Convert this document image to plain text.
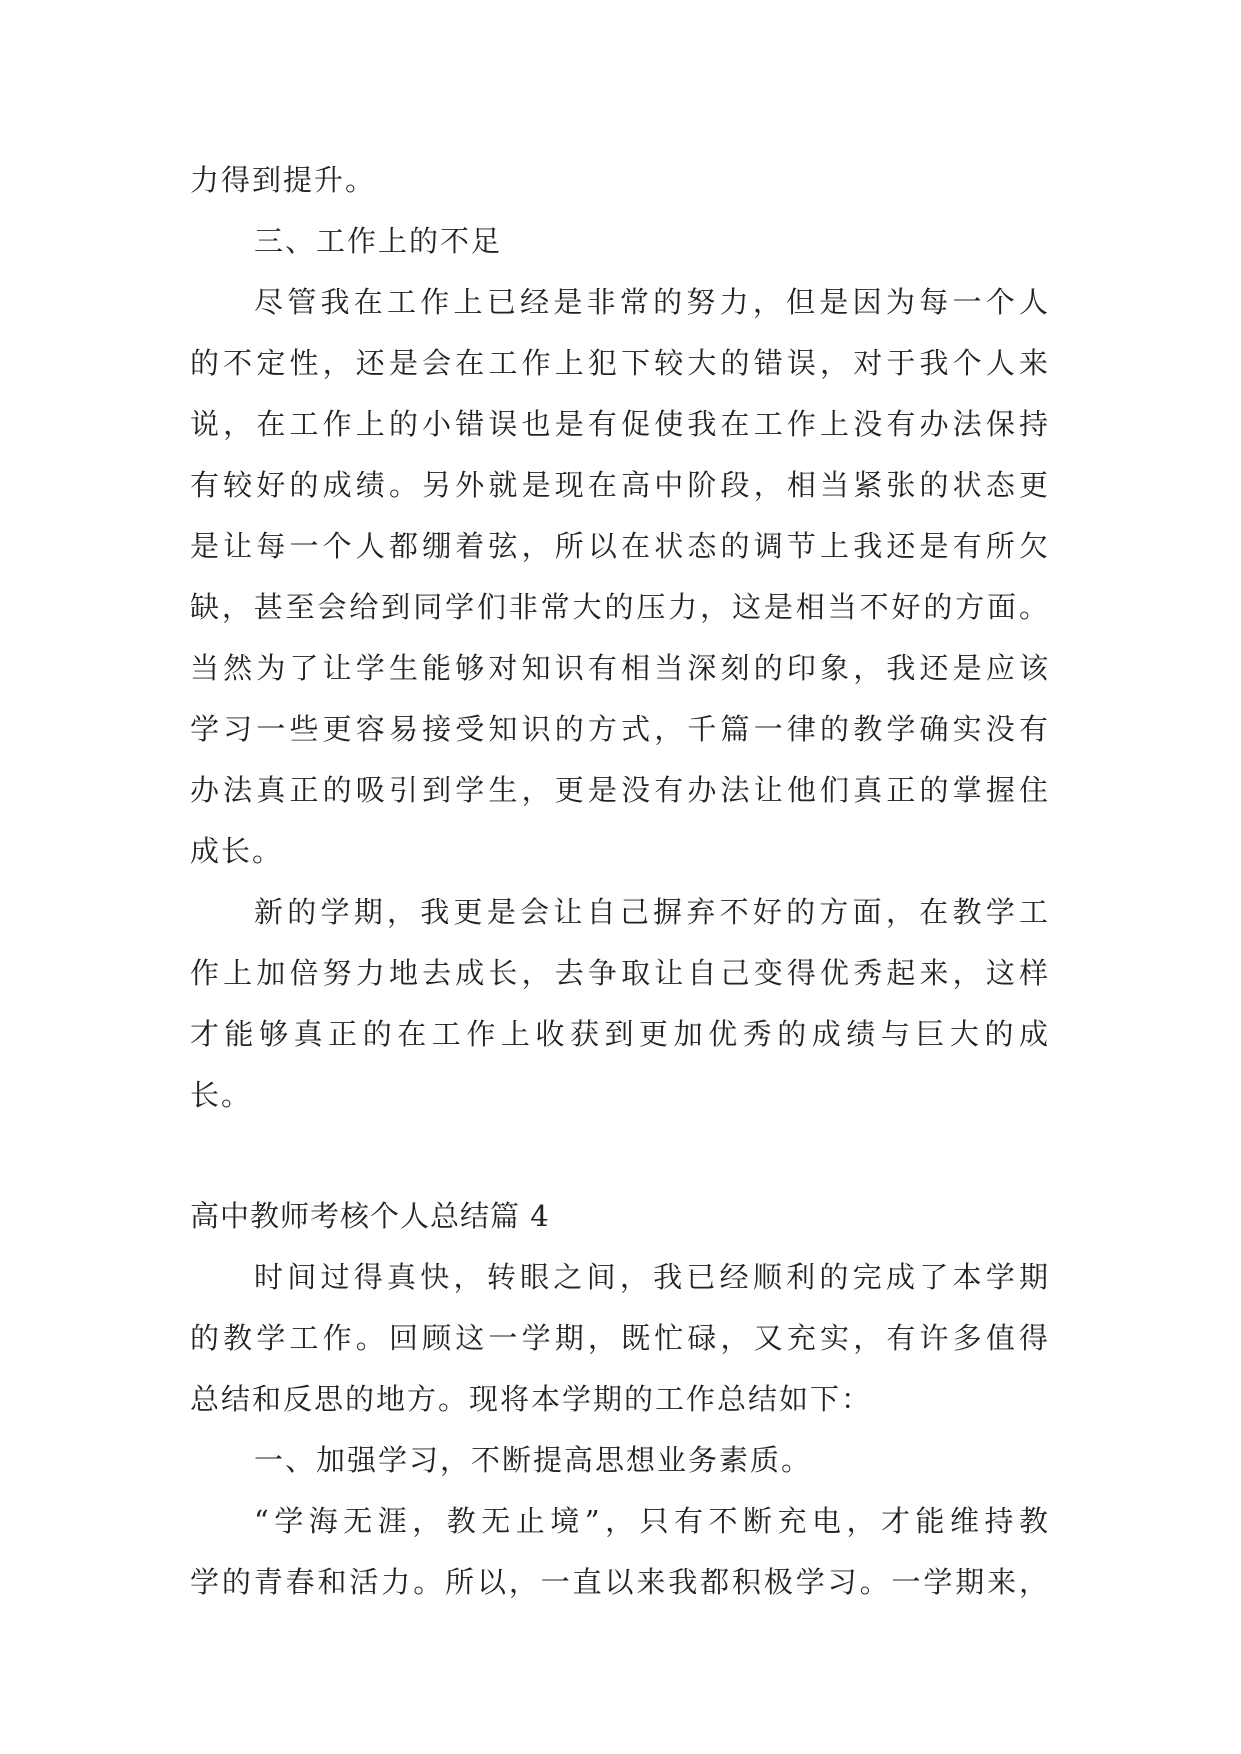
力得到提升。
三、工作上的不足
尽管我在工作上已经是非常的努力，但是因为每一个人
的不定性，还是会在工作上犯下较大的错误，对于我个人来
说，在工作上的小错误也是有促使我在工作上没有办法保持
有较好的成绩。另外就是现在高中阶段，相当紧张的状态更
是让每一个人都绷着弦，所以在状态的调节上我还是有所欠
缺，甚至会给到同学们非常大的压力，这是相当不好的方面。
当然为了让学生能够对知识有相当深刻的印象，我还是应该
学习一些更容易接受知识的方式，千篇一律的教学确实没有
办法真正的吸引到学生，更是没有办法让他们真正的掌握住
成长。
新的学期，我更是会让自己摒弃不好的方面，在教学工
作上加倍努力地去成长，去争取让自己变得优秀起来，这样
才能够真正的在工作上收获到更加优秀的成绩与巨大的成
长。
高中教师考核个人总结篇 4
时间过得真快，转眼之间，我已经顺利的完成了本学期
的教学工作。回顾这一学期，既忙碌，又充实，有许多值得
总结和反思的地方。现将本学期的工作总结如下：
一、加强学习，不断提高思想业务素质。
“学海无涯，教无止境”，只有不断充电，才能维持教
学的青春和活力。所以，一直以来我都积极学习。一学期来，
